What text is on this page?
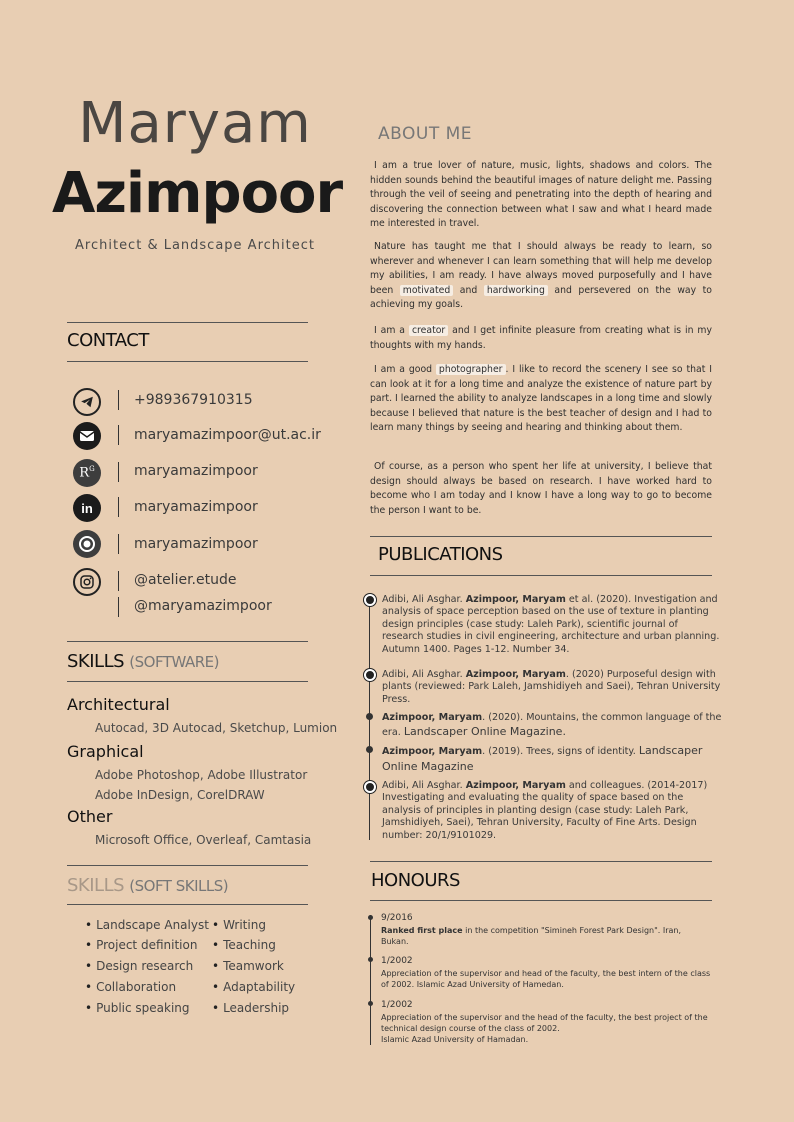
Maryam
Azimpoor
Architect & Landscape Architect
CONTACT
+989367910315
maryamazimpoor@ut.ac.ir
$R^G$	maryamazimpoor
in	maryamazimpoor
maryamazimpoor
@atelier.etude
@maryamazimpoor
SKILLS (SOFTWARE)
Architectural
Autocad, 3D Autocad, Sketchup, Lumion
Graphical
Adobe Photoshop, Adobe Illustrator
Adobe InDesign, CorelDRAW
Other
Microsoft Office, Overleaf, Camtasia
SKILLS (SOFT SKILLS)
• Landscape Analyst
• Project definition
• Design research
• Collaboration
• Public speaking
• Writing
• Teaching
• Teamwork
• Adaptability
• Leadership
ABOUT ME
I am a true lover of nature, music, lights, shadows and colors. The hidden sounds behind the beautiful images of nature delight me. Passing through the veil of seeing and penetrating into the depth of hearing and discovering the connection between what I saw and what I heard made me interested in travel.
Nature has taught me that I should always be ready to learn, so wherever and whenever I can learn something that will help me develop my abilities, I am ready. I have always moved purposefully and I have been motivated and hardworking and persevered on the way to achieving my goals.
I am a creator and I get infinite pleasure from creating what is in my thoughts with my hands.
I am a good photographer . I like to record the scenery I see so that I can look at it for a long time and analyze the existence of nature part by part. I learned the ability to analyze landscapes in a long time and slowly because I believed that nature is the best teacher of design and I had to learn many things by seeing and hearing and thinking about them.
Of course, as a person who spent her life at university, I believe that design should always be based on research. I have worked hard to become who I am today and I know I have a long way to go to become the person I want to be.
PUBLICATIONS
Adibi, Ali Asghar. Azimpoor, Maryam et al. (2020). Investigation and analysis of space perception based on the use of texture in planting design principles (case study: Laleh Park), scientific journal of research studies in civil engineering, architecture and urban planning. Autumn 1400. Pages 1-12. Number 34.
Adibi, Ali Asghar. Azimpoor, Maryam. (2020) Purposeful design with plants (reviewed: Park Laleh, Jamshidiyeh and Saei), Tehran University Press.
Azimpoor, Maryam. (2020). Mountains, the common language of the era. Landscaper Online Magazine.
Azimpoor, Maryam. (2019). Trees, signs of identity. Landscaper Online Magazine
Adibi, Ali Asghar. Azimpoor, Maryam and colleagues. (2014-2017) Investigating and evaluating the quality of space based on the analysis of principles in planting design (case study: Laleh Park, Jamshidiyeh, Saei), Tehran University, Faculty of Fine Arts. Design number: 20/1/9101029.
HONOURS
9/2016
Ranked first place in the competition "Simineh Forest Park Design". Iran, Bukan.
1/2002
Appreciation of the supervisor and head of the faculty, the best intern of the class of 2002. Islamic Azad University of Hamedan.
1/2002
Appreciation of the supervisor and the head of the faculty, the best project of the technical design course of the class of 2002.
Islamic Azad University of Hamadan.
